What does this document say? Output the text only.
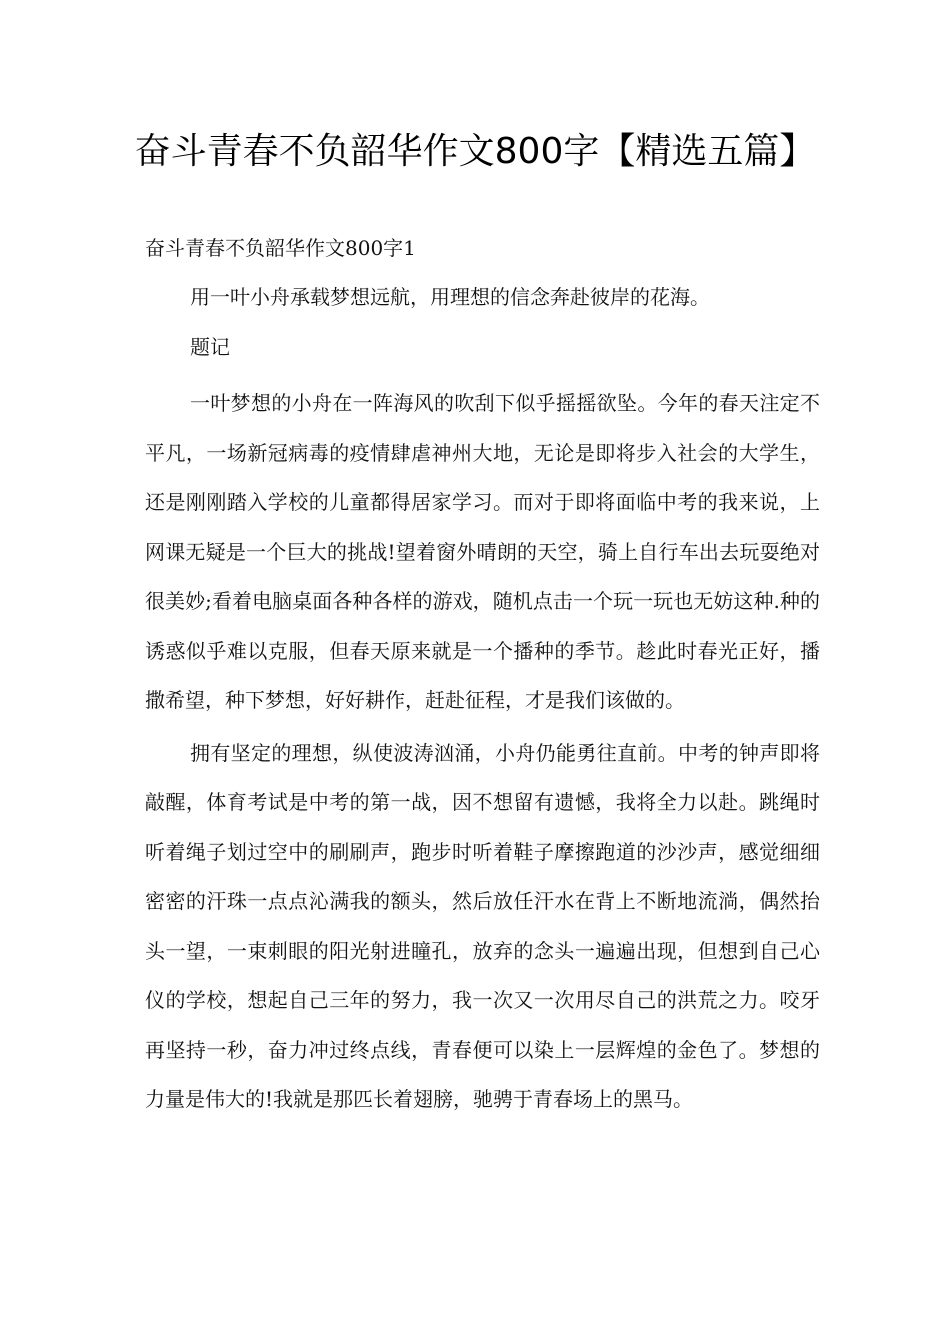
奋斗青春不负韶华作文800字【精选五篇】

奋斗青春不负韶华作文800字1

用一叶小舟承载梦想远航，用理想的信念奔赴彼岸的花海。

题记

一叶梦想的小舟在一阵海风的吹刮下似乎摇摇欲坠。今年的春天注定不平凡，一场新冠病毒的疫情肆虐神州大地，无论是即将步入社会的大学生，还是刚刚踏入学校的儿童都得居家学习。而对于即将面临中考的我来说，上网课无疑是一个巨大的挑战!望着窗外晴朗的天空，骑上自行车出去玩耍绝对很美妙;看着电脑桌面各种各样的游戏，随机点击一个玩一玩也无妨这种.种的诱惑似乎难以克服，但春天原来就是一个播种的季节。趁此时春光正好，播撒希望，种下梦想，好好耕作，赶赴征程，才是我们该做的。

拥有坚定的理想，纵使波涛汹涌，小舟仍能勇往直前。中考的钟声即将敲醒，体育考试是中考的第一战，因不想留有遗憾，我将全力以赴。跳绳时听着绳子划过空中的刷刷声，跑步时听着鞋子摩擦跑道的沙沙声，感觉细细密密的汗珠一点点沁满我的额头，然后放任汗水在背上不断地流淌，偶然抬头一望，一束刺眼的阳光射进瞳孔，放弃的念头一遍遍出现，但想到自己心仪的学校，想起自己三年的努力，我一次又一次用尽自己的洪荒之力。咬牙再坚持一秒，奋力冲过终点线，青春便可以染上一层辉煌的金色了。梦想的力量是伟大的!我就是那匹长着翅膀，驰骋于青春场上的黑马。
